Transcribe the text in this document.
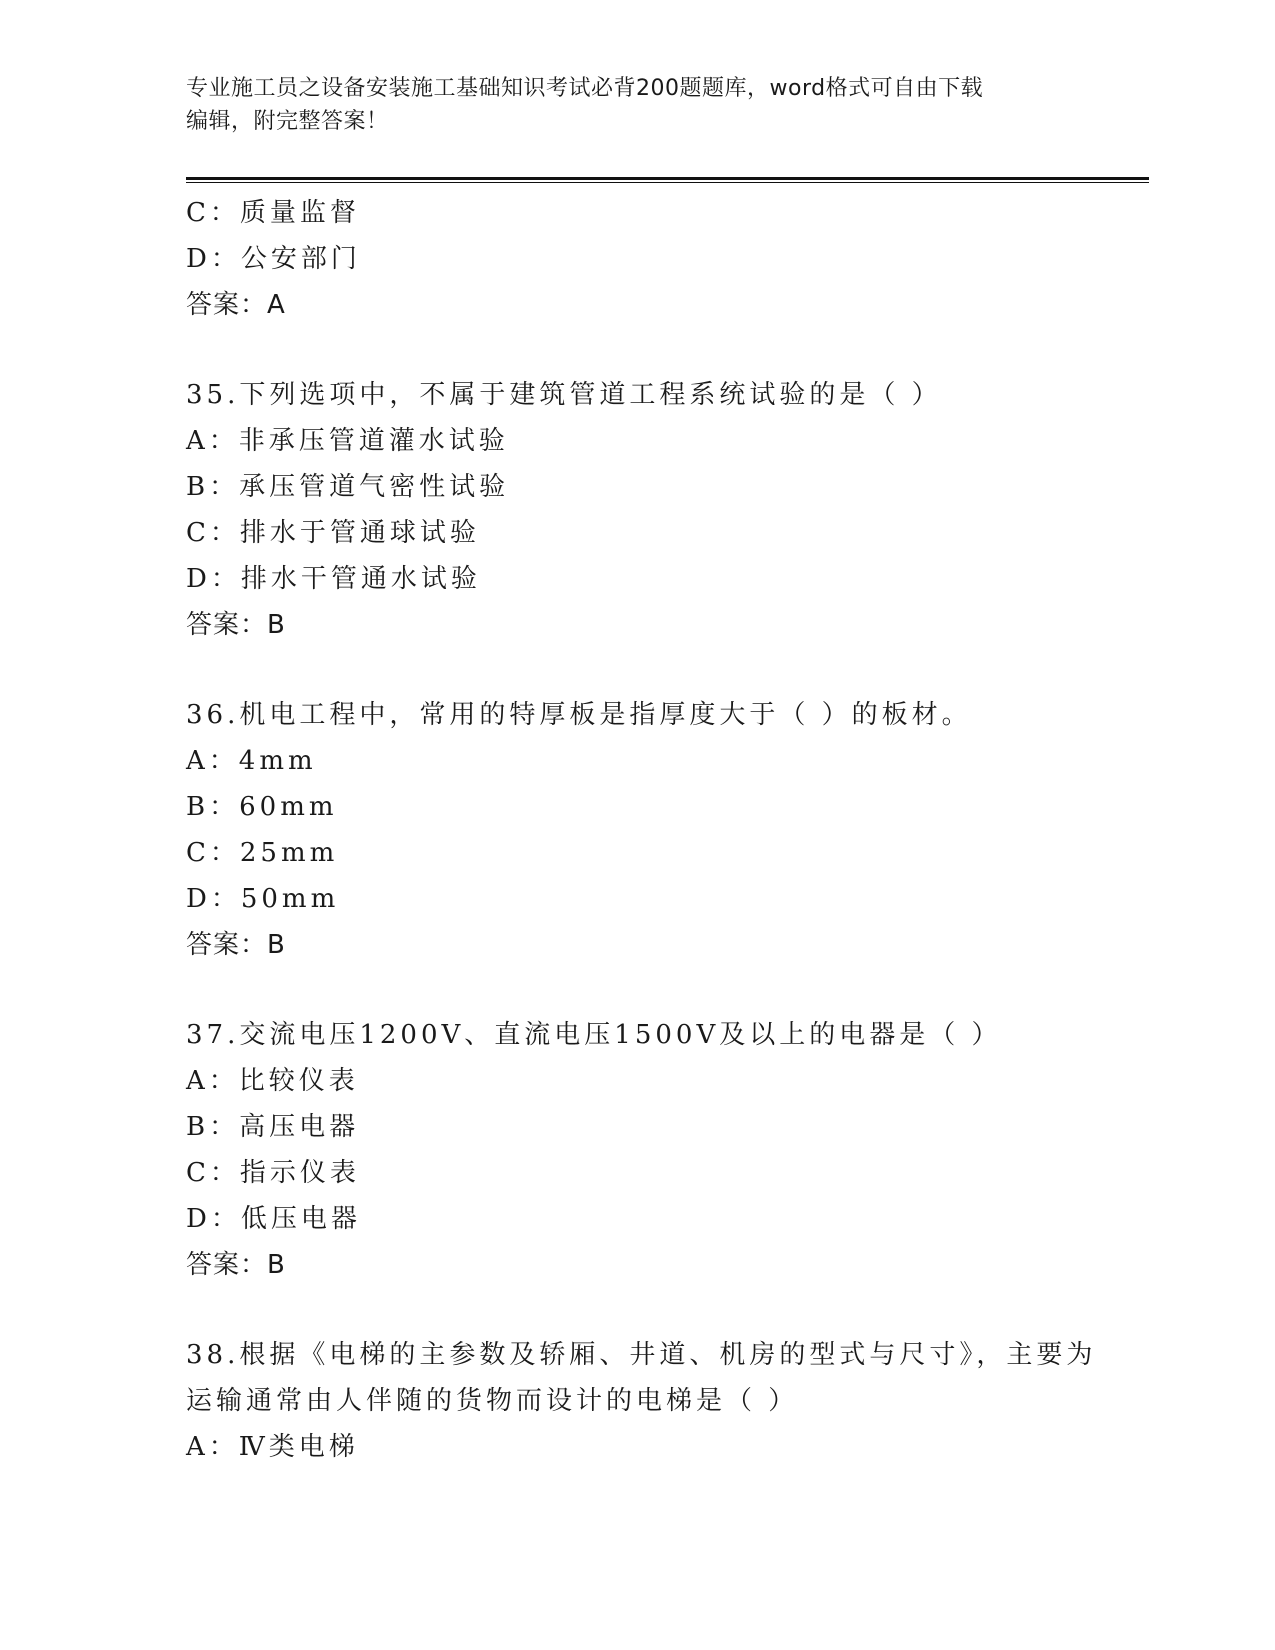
专业施工员之设备安装施工基础知识考试必背200题题库，word格式可自由下载
编辑，附完整答案！
C：质量监督
D：公安部门
答案：A
35.下列选项中，不属于建筑管道工程系统试验的是（ ）
A：非承压管道灌水试验
B：承压管道气密性试验
C：排水于管通球试验
D：排水干管通水试验
答案：B
36.机电工程中，常用的特厚板是指厚度大于（ ）的板材。
A：4mm
B：60mm
C：25mm
D：50mm
答案：B
37.交流电压1200V、直流电压1500V及以上的电器是（ ）
A：比较仪表
B：高压电器
C：指示仪表
D：低压电器
答案：B
38.根据《电梯的主参数及轿厢、井道、机房的型式与尺寸》，主要为
运输通常由人伴随的货物而设计的电梯是（ ）
A：Ⅳ类电梯
